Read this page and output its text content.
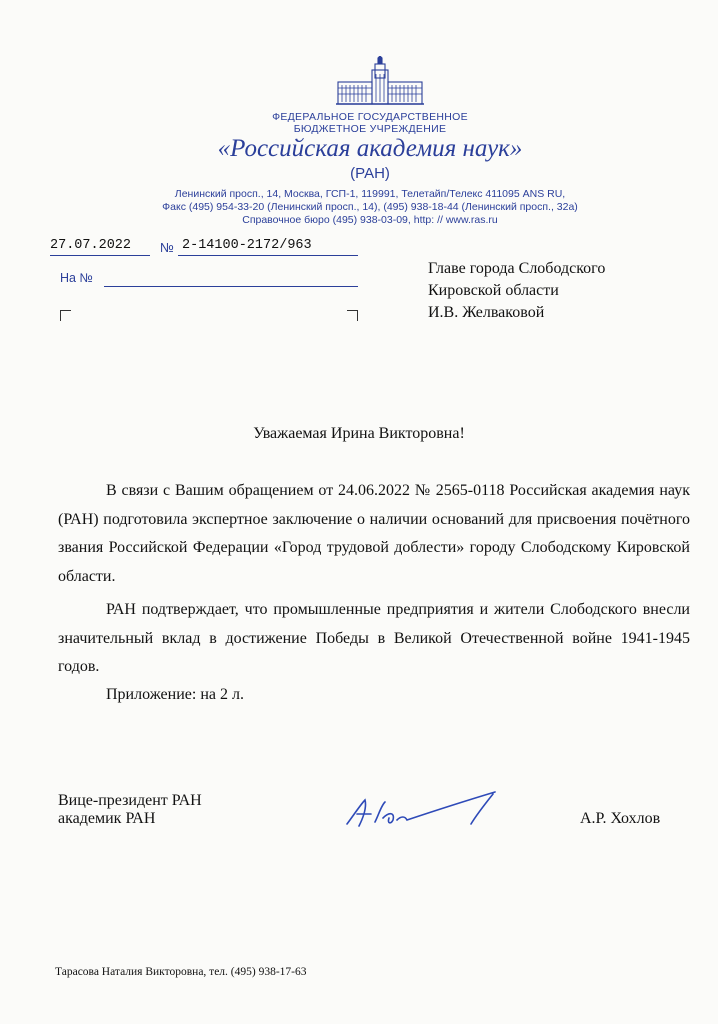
ФЕДЕРАЛЬНОЕ ГОСУДАРСТВЕННОЕ
БЮДЖЕТНОЕ УЧРЕЖДЕНИЕ
«Российская академия наук»
(РАН)
Ленинский просп., 14, Москва, ГСП-1, 119991, Телетайп/Телекс 411095 ANS RU,
Факс (495) 954-33-20 (Ленинский просп., 14), (495) 938-18-44 (Ленинский просп., 32а)
Справочное бюро (495) 938-03-09, http: // www.ras.ru
27.07.2022 № 2-14100-2172/963
На №
Главе города Слободского
Кировской области
И.В. Желваковой
Уважаемая Ирина Викторовна!
В связи с Вашим обращением от 24.06.2022 № 2565-0118 Российская академия наук (РАН) подготовила экспертное заключение о наличии оснований для присвоения почётного звания Российской Федерации «Город трудовой доблести» городу Слободскому Кировской области.
РАН подтверждает, что промышленные предприятия и жители Слободского внесли значительный вклад в достижение Победы в Великой Отечественной войне 1941-1945 годов.
Приложение: на 2 л.
Вице-президент РАН
академик РАН	А.Р. Хохлов
Тарасова Наталия Викторовна, тел. (495) 938-17-63
